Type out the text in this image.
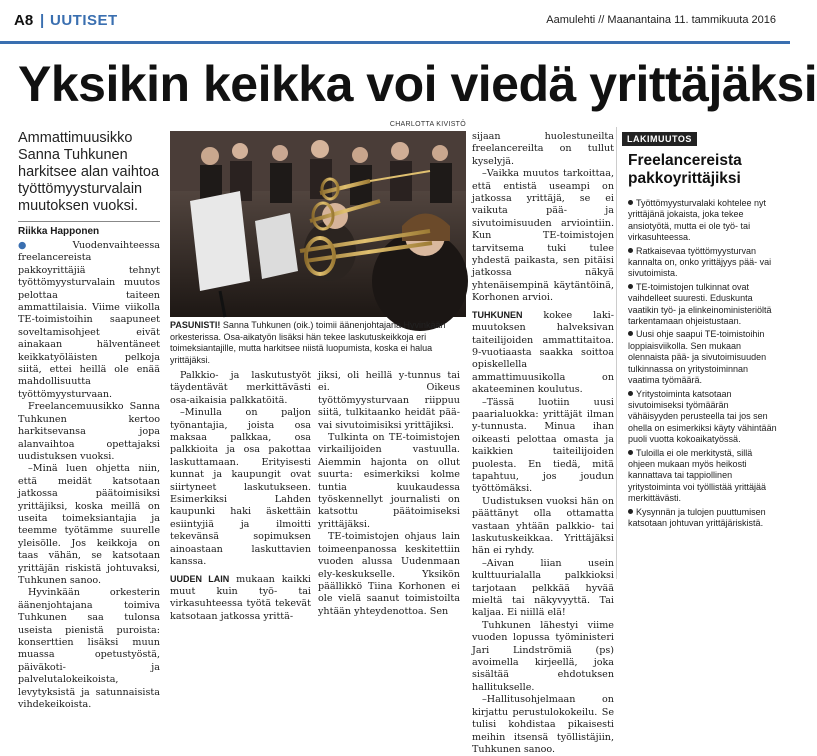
A8 | UUTISET	Aamulehti // Maanantaina 11. tammikuuta 2016
Yksikin keikka voi viedä yrittäjäksi
Ammattimuusikko Sanna Tuhkunen harkitsee alan vaihtoa työttömyysturvalain muutoksen vuoksi.
Riikka Happonen

●	Vuodenvaihteessa freelancereista pakkoyrittäjiä tehnyt työttömyysturvalain muutos pelottaa taiteen ammattilaisia. Viime viikolla TE-toimistoihin saapuneet soveltamisohjeet eivät ainakaan hälventäneet keikkatyöläisten pelkoja siitä, ettei heillä ole enää mahdollisuutta työttömyysturvaan.

Freelancemuusikko Sanna Tuhkunen kertoo harkitsevansa jopa alanvaihtoa opettajaksi uudistuksen vuoksi.

–Minä luen ohjetta niin, että meidät katsotaan jatkossa päätoimisiksi yrittäjiksi, koska meillä on useita toimeksiantajia ja teemme työtämme suurelle yleisölle. Jos keikkoja on taas vähän, se katsotaan yrittäjän riskistä johtuvaksi, Tuhkunen sanoo.

Hyvinkään orkesterin äänenjohtajana toimiva Tuhkunen saa tulonsa useista pienistä puroista: konserttien lisäksi muun muassa opetustyöstä, päiväkoti- ja palvelutalokeikoista, levytyksistä ja satunnaisista vihdekeikoista.

CHARLOTTA KIVISTÖ
PASUNISTI! Sanna Tuhkunen (oik.) toimii äänenjohtajana Hyvinkään orkesterissa. Osa-aikatyön lisäksi hän tekee laskutuskeikkoja eri toimeksiantajille, mutta harkitsee niistä luopumista, koska ei halua yrittäjäksi.

Palkkio- ja laskutustyöt täydentävät merkittävästi osa-aikaisia palkkatöitä.

–Minulla on paljon työnantajia, joista osa maksaa palkkaa, osa palkkioita ja osa pakottaa laskuttamaan. Erityisesti kunnat ja kaupungit ovat siirtyneet laskutukseen. Esimerkiksi Lahden kaupunki haki äskettäin esiintyjiä ja ilmoitti tekevänsä sopimuksen ainoastaan laskuttavien kanssa.

UUDEN LAIN mukaan kaikki muut kuin työ- tai virkasuhteessa työtä tekevät katsotaan jatkossa yrittä-

jiksi, oli heillä y-tunnus tai ei. Oikeus työttömyysturvaan riippuu siitä, tulkitaanko heidät pää- vai sivutoimisiksi yrittäjiksi.

Tulkinta on TE-toimistojen virkailijoiden vastuulla. Aiemmin hajonta on ollut suurta: esimerkiksi kolme tuntia kuukaudessa työskennellyt journalisti on katsottu päätoimiseksi yrittäjäksi.

TE-toimistojen ohjaus lain toimeenpanossa keskitettiin vuoden alussa Uudenmaan ely-keskukselle. Yksikön päällikkö Tiina Korhonen ei ole vielä saanut toimistoilta yhtään yhteydenottoa. Sen

sijaan huolestuneilta freelancereilta on tullut kyselyjä.

–Vaikka muutos tarkoittaa, että entistä useampi on jatkossa yrittäjä, se ei vaikuta pää- ja sivutoimisuuden arviointiin. Kun TE-toimistojen tarvitsema tuki tulee yhdestä paikasta, sen pitäisi jatkossa näkyä yhtenäisempinä käytäntöinä, Korhonen arvioi.

TUHKUNEN kokee lakimuutoksen halveksivan taiteilijoiden ammattitaitoa. 9-vuotiaasta saakka soittoa opiskellella ammattimuusikolla on akateeminen koulutus.

–Tässä luotiin uusi paarialuokka: yrittäjät ilman y-tunnusta. Minua ihan oikeasti pelottaa omasta ja kaikkien taiteilijoiden puolesta. En tiedä, mitä tapahtuu, jos joudun työttömäksi.

Uudistuksen vuoksi hän on päättänyt olla ottamatta vastaan yhtään palkkio- tai laskutuskeikkaa. Yrittäjäksi hän ei ryhdy.

–Aivan liian usein kulttuurialalla palkkioksi tarjotaan pelkkää hyvää mieltä tai näkyvyyttä. Tai kaljaa. Ei niillä elä!

Tuhkunen lähestyi viime vuoden lopussa työministeri Jari Lindströmiä (ps) avoimella kirjeellä, joka sisältää ehdotuksen hallitukselle.

–Hallitusohjelmaan on kirjattu perustulokokeilu. Se tulisi kohdistaa pikaisesti meihin itsensä työllistäjiin, Tuhkunen sanoo.

LAKIMUUTOS
Freelancereista pakkoyrittäjiksi
Työttömyysturvalaki kohtelee nyt yrittäjänä jokaista, joka tekee ansiotyötä, mutta ei ole työ- tai virkasuhteessa.
Ratkaisevaa työttömyysturvan kannalta on, onko yrittäjyys pää- vai sivutoimista.
TE-toimistojen tulkinnat ovat vaihdelleet suuresti. Eduskunta vaatikin työ- ja elinkeinoministeriöltä tarkentamaan ohjeistustaan.
Uusi ohje saapui TE-toimistoihin loppiaisviikolla. Sen mukaan olennaista pää- ja sivutoimisuuden tulkinnassa on yritystoiminnan vaatima työmäärä.
Yritystoiminta katsotaan sivutoimiseksi työmäärän vähäisyyden perusteella tai jos sen ohella on esimerkiksi käyty vähintään puoli vuotta kokoaikatyössä.
Tuloilla ei ole merkitystä, sillä ohjeen mukaan myös heikosti kannattava tai tappiollinen yritystoiminta voi työllistää yrittäjää merkittävästi.
Kysynnän ja tulojen puuttumisen katsotaan johtuvan yrittäjäriskistä.
